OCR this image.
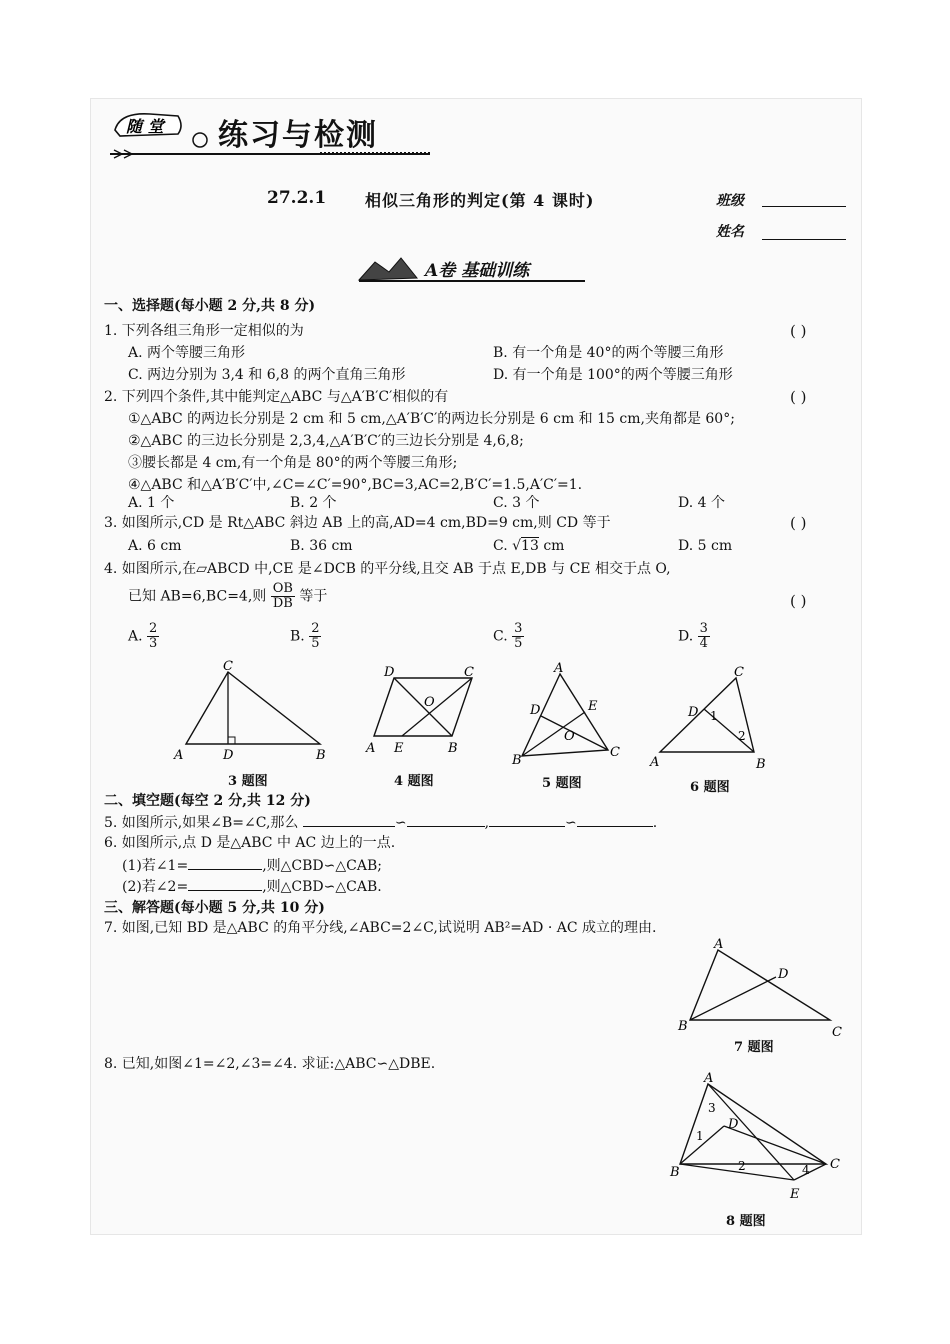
随 堂 练习与检测
27.2.1 相似三角形的判定(第 4 课时)	班级
姓名
A卷 基础训练
一、选择题(每小题 2 分,共 8 分)
1. 下列各组三角形一定相似的为	( )
A. 两个等腰三角形	B. 有一个角是 40°的两个等腰三角形
C. 两边分别为 3,4 和 6,8 的两个直角三角形	D. 有一个角是 100°的两个等腰三角形
2. 下列四个条件,其中能判定△ABC 与△A′B′C′相似的有	( )
①△ABC 的两边长分别是 2 cm 和 5 cm,△A′B′C′的两边长分别是 6 cm 和 15 cm,夹角都是 60°;
②△ABC 的三边长分别是 2,3,4,△A′B′C′的三边长分别是 4,6,8;
③腰长都是 4 cm,有一个角是 80°的两个等腰三角形;
④△ABC 和△A′B′C′中,∠C=∠C′=90°,BC=3,AC=2,B′C′=1.5,A′C′=1.
A. 1 个	B. 2 个	C. 3 个	D. 4 个
3. 如图所示,CD 是 Rt△ABC 斜边 AB 上的高,AD=4 cm,BD=9 cm,则 CD 等于	( )
A. 6 cm	B. 36 cm	C. √13 cm	D. 5 cm
4. 如图所示,在▱ABCD 中,CE 是∠DCB 的平分线,且交 AB 于点 E,DB 与 CE 相交于点 O,
已知 AB=6,BC=4,则 $\frac{OB}{DB}$ 等于	( )
A. $\frac{2}{3}$	B. $\frac{2}{5}$	C. $\frac{3}{5}$	D. $\frac{3}{4}$
C
A	D	B
3 题图
D	C
O
A E	B
4 题图
A
D	E
O
B
C
5 题图
C
D 1
2
A	B
6 题图
二、填空题(每空 2 分,共 12 分)
5. 如图所示,如果∠B=∠C,那么	∽	,	∽	.
6. 如图所示,点 D 是△ABC 中 AC 边上的一点.
(1)若∠1=	,则△CBD∽△CAB;
(2)若∠2=	,则△CBD∽△CAB.
三、解答题(每小题 5 分,共 10 分)
7. 如图,已知 BD 是△ABC 的角平分线,∠ABC=2∠C,试说明 AB²=AD · AC 成立的理由.
A
D
B	C
7 题图
8. 已知,如图∠1=∠2,∠3=∠4. 求证:△ABC∽△DBE.
A
3
D
1
B	2	4 C
E
8 题图
